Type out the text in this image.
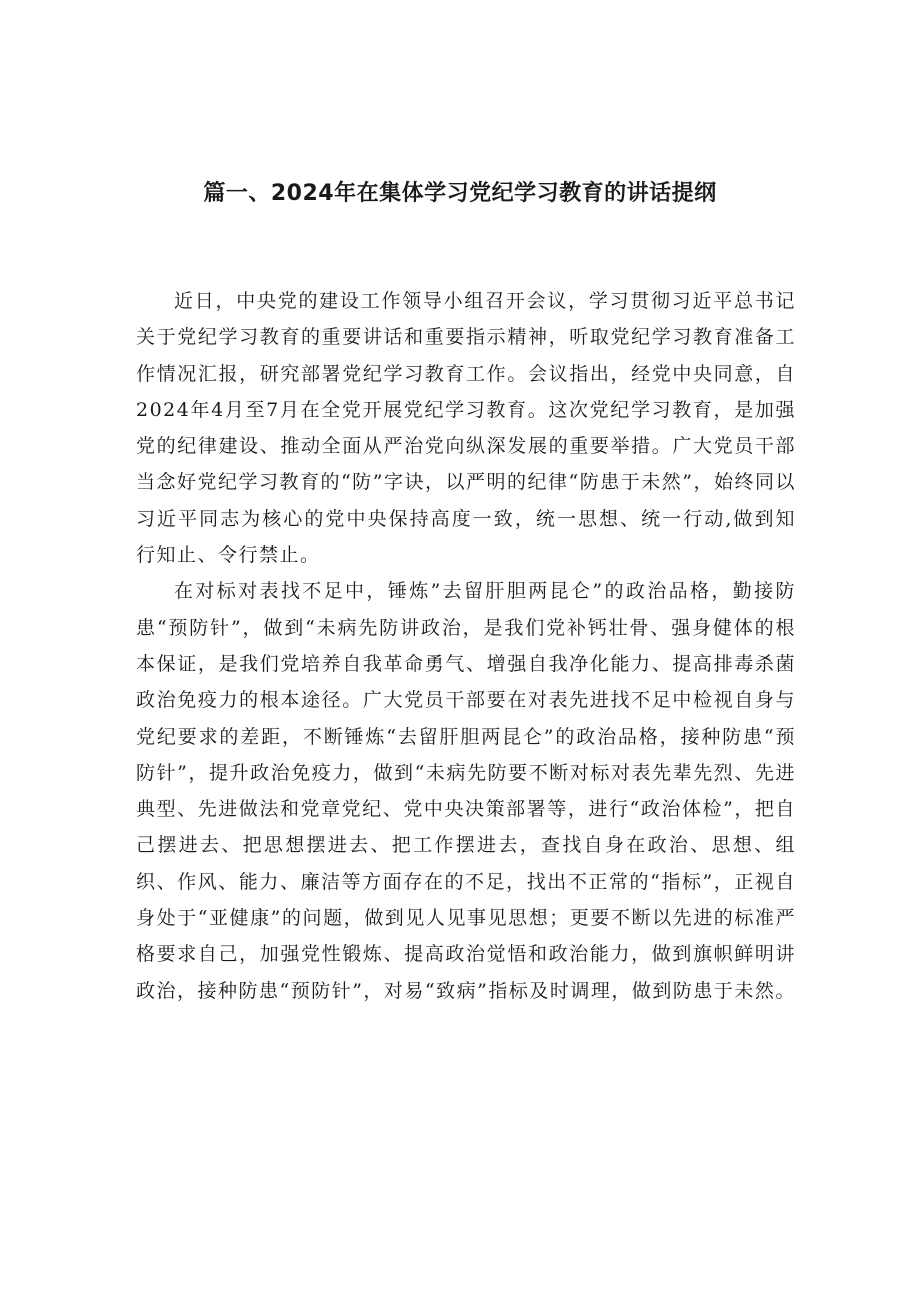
篇一、2024年在集体学习党纪学习教育的讲话提纲

近日，中央党的建设工作领导小组召开会议，学习贯彻习近平总书记关于党纪学习教育的重要讲话和重要指示精神，听取党纪学习教育准备工作情况汇报，研究部署党纪学习教育工作。会议指出，经党中央同意，自2024年4月至7月在全党开展党纪学习教育。这次党纪学习教育，是加强党的纪律建设、推动全面从严治党向纵深发展的重要举措。广大党员干部当念好党纪学习教育的“防”字诀，以严明的纪律“防患于未然”，始终同以习近平同志为核心的党中央保持高度一致，统一思想、统一行动,做到知行知止、令行禁止。

在对标对表找不足中，锤炼”去留肝胆两昆仑”的政治品格，勤接防患“预防针”，做到“未病先防讲政治，是我们党补钙壮骨、强身健体的根本保证，是我们党培养自我革命勇气、增强自我净化能力、提高排毒杀菌政治免疫力的根本途径。广大党员干部要在对表先进找不足中检视自身与党纪要求的差距，不断锤炼“去留肝胆两昆仑”的政治品格，接种防患“预防针”，提升政治免疫力，做到“未病先防要不断对标对表先辈先烈、先进典型、先进做法和党章党纪、党中央决策部署等，进行“政治体检”，把自己摆进去、把思想摆进去、把工作摆进去，查找自身在政治、思想、组织、作风、能力、廉洁等方面存在的不足，找出不正常的“指标”，正视自身处于“亚健康”的问题，做到见人见事见思想；更要不断以先进的标准严格要求自己，加强党性锻炼、提高政治觉悟和政治能力，做到旗帜鲜明讲政治，接种防患“预防针”，对易“致病”指标及时调理，做到防患于未然。
